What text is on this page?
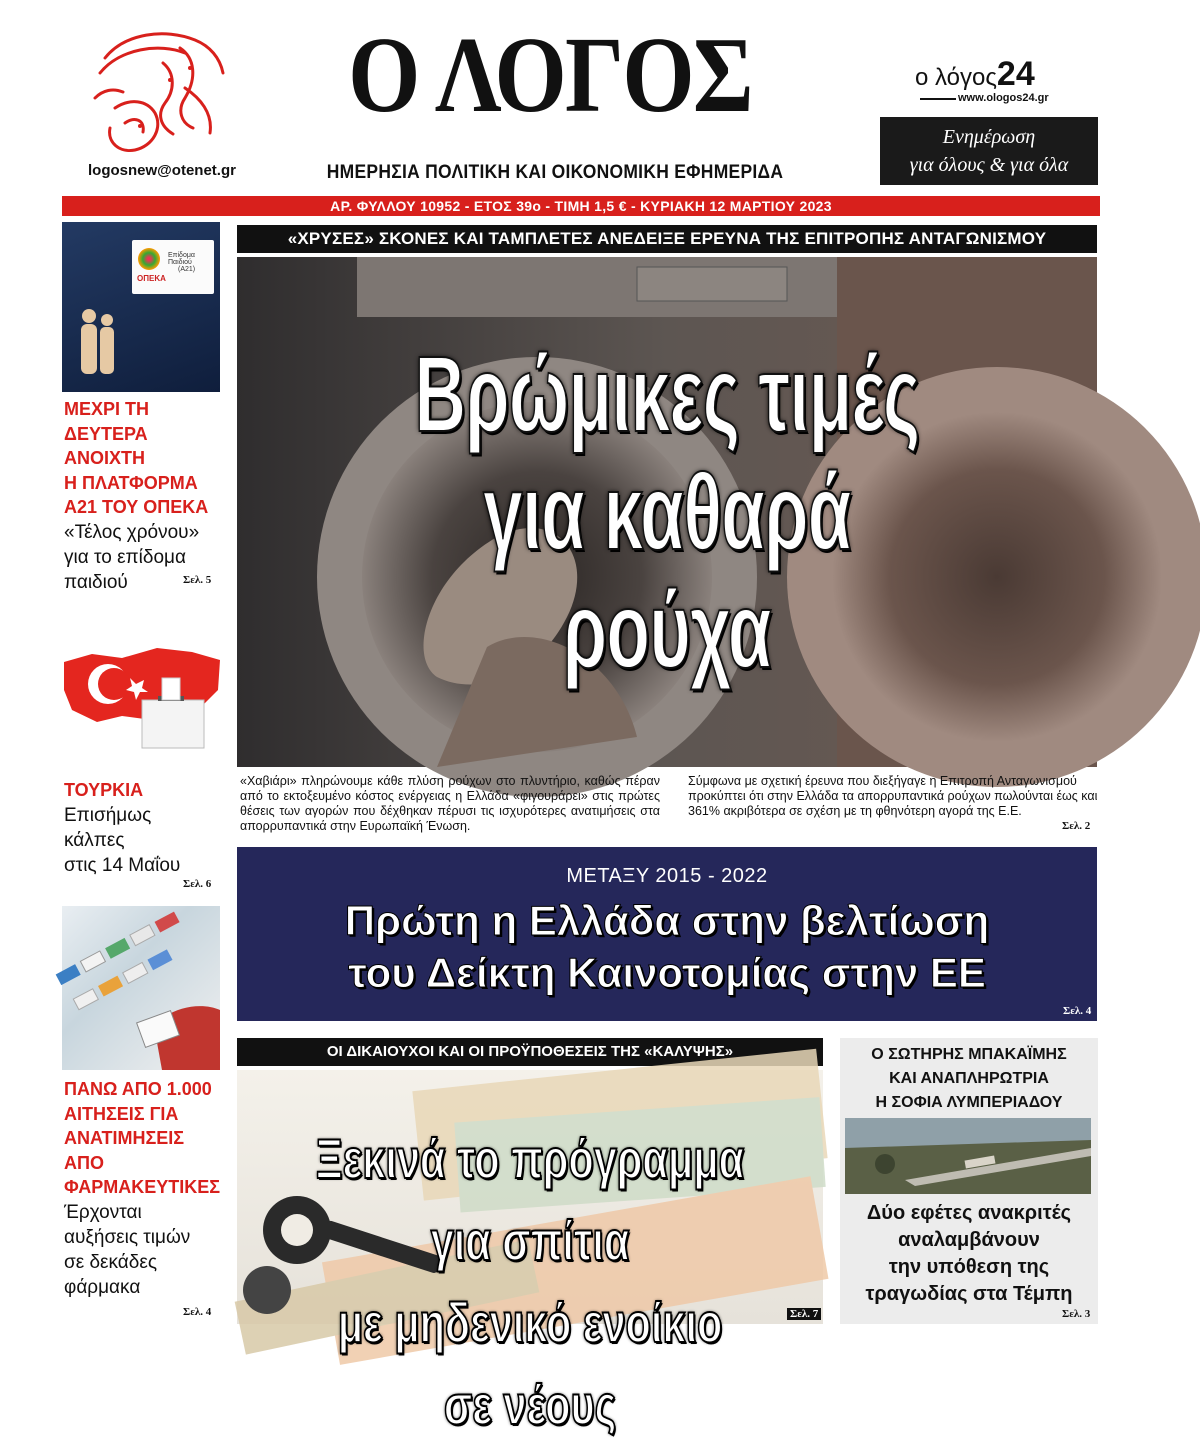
logosnew@otenet.gr
Ο ΛΟΓΟΣ
ΗΜΕΡΗΣΙΑ ΠΟΛΙΤΙΚΗ ΚΑΙ ΟΙΚΟΝΟΜΙΚΗ ΕΦΗΜΕΡΙΔΑ
ο λόγος24
www.ologos24.gr
Ενημέρωση
για όλους & για όλα
ΑΡ. ΦΥΛΛΟΥ 10952 - ΕΤΟΣ 39ο - ΤΙΜΗ 1,5 € - ΚΥΡΙΑΚΗ 12 ΜΑΡΤΙΟΥ 2023
ΟΠΕΚΑ
Επίδομα Παιδιού
(Α21)
ΜΕΧΡΙ ΤΗ ΔΕΥΤΕΡΑ
ΑΝΟΙΧΤΗ
Η ΠΛΑΤΦΟΡΜΑ
Α21 ΤΟΥ ΟΠΕΚΑ
«Τέλος χρόνου»
για το επίδομα
παιδιού	Σελ. 5
ΤΟΥΡΚΙΑ
Επισήμως
κάλπες
στις 14 Μαΐου
Σελ. 6
ΠΑΝΩ ΑΠΟ 1.000
ΑΙΤΗΣΕΙΣ ΓΙΑ
ΑΝΑΤΙΜΗΣΕΙΣ
ΑΠΟ
ΦΑΡΜΑΚΕΥΤΙΚΕΣ
Έρχονται
αυξήσεις τιμών
σε δεκάδες
φάρμακα
Σελ. 4
«ΧΡΥΣΕΣ» ΣΚΟΝΕΣ ΚΑΙ ΤΑΜΠΛΕΤΕΣ ΑΝΕΔΕΙΞΕ ΕΡΕΥΝΑ ΤΗΣ ΕΠΙΤΡΟΠΗΣ ΑΝΤΑΓΩΝΙΣΜΟΥ
Βρώμικες τιμές
για καθαρά ρούχα
«Χαβιάρι» πληρώνουμε κάθε πλύση ρούχων στο πλυντήριο, καθώς πέραν από το εκτοξευμένο κόστος ενέργειας η Ελλάδα «φιγουράρει» στις πρώτες θέσεις των αγορών που δέχθηκαν πέρυσι τις ισχυρότερες ανατιμήσεις στα απορρυπαντικά στην Ευρωπαϊκή Ένωση.
Σύμφωνα με σχετική έρευνα που διεξήγαγε η Επιτροπή Ανταγωνισμού προκύπτει ότι στην Ελλάδα τα απορρυπαντικά ρούχων πωλούνται έως και 361% ακριβότερα σε σχέση με τη φθηνότερη αγορά της Ε.Ε.
Σελ. 2
ΜΕΤΑΞΥ 2015 - 2022
Πρώτη η Ελλάδα στην βελτίωση
του Δείκτη Καινοτομίας στην ΕΕ
Σελ. 4
ΟΙ ΔΙΚΑΙΟΥΧΟΙ ΚΑΙ ΟΙ ΠΡΟΫΠΟΘΕΣΕΙΣ ΤΗΣ «ΚΑΛΥΨΗΣ»
Ξεκινά το πρόγραμμα για σπίτια
με μηδενικό ενοίκιο σε νέους
Σελ. 7
Ο ΣΩΤΗΡΗΣ ΜΠΑΚΑΪΜΗΣ
ΚΑΙ ΑΝΑΠΛΗΡΩΤΡΙΑ
Η ΣΟΦΙΑ ΛΥΜΠΕΡΙΑΔΟΥ
Δύο εφέτες ανακριτές
αναλαμβάνουν
την υπόθεση της
τραγωδίας στα Τέμπη
Σελ. 3
